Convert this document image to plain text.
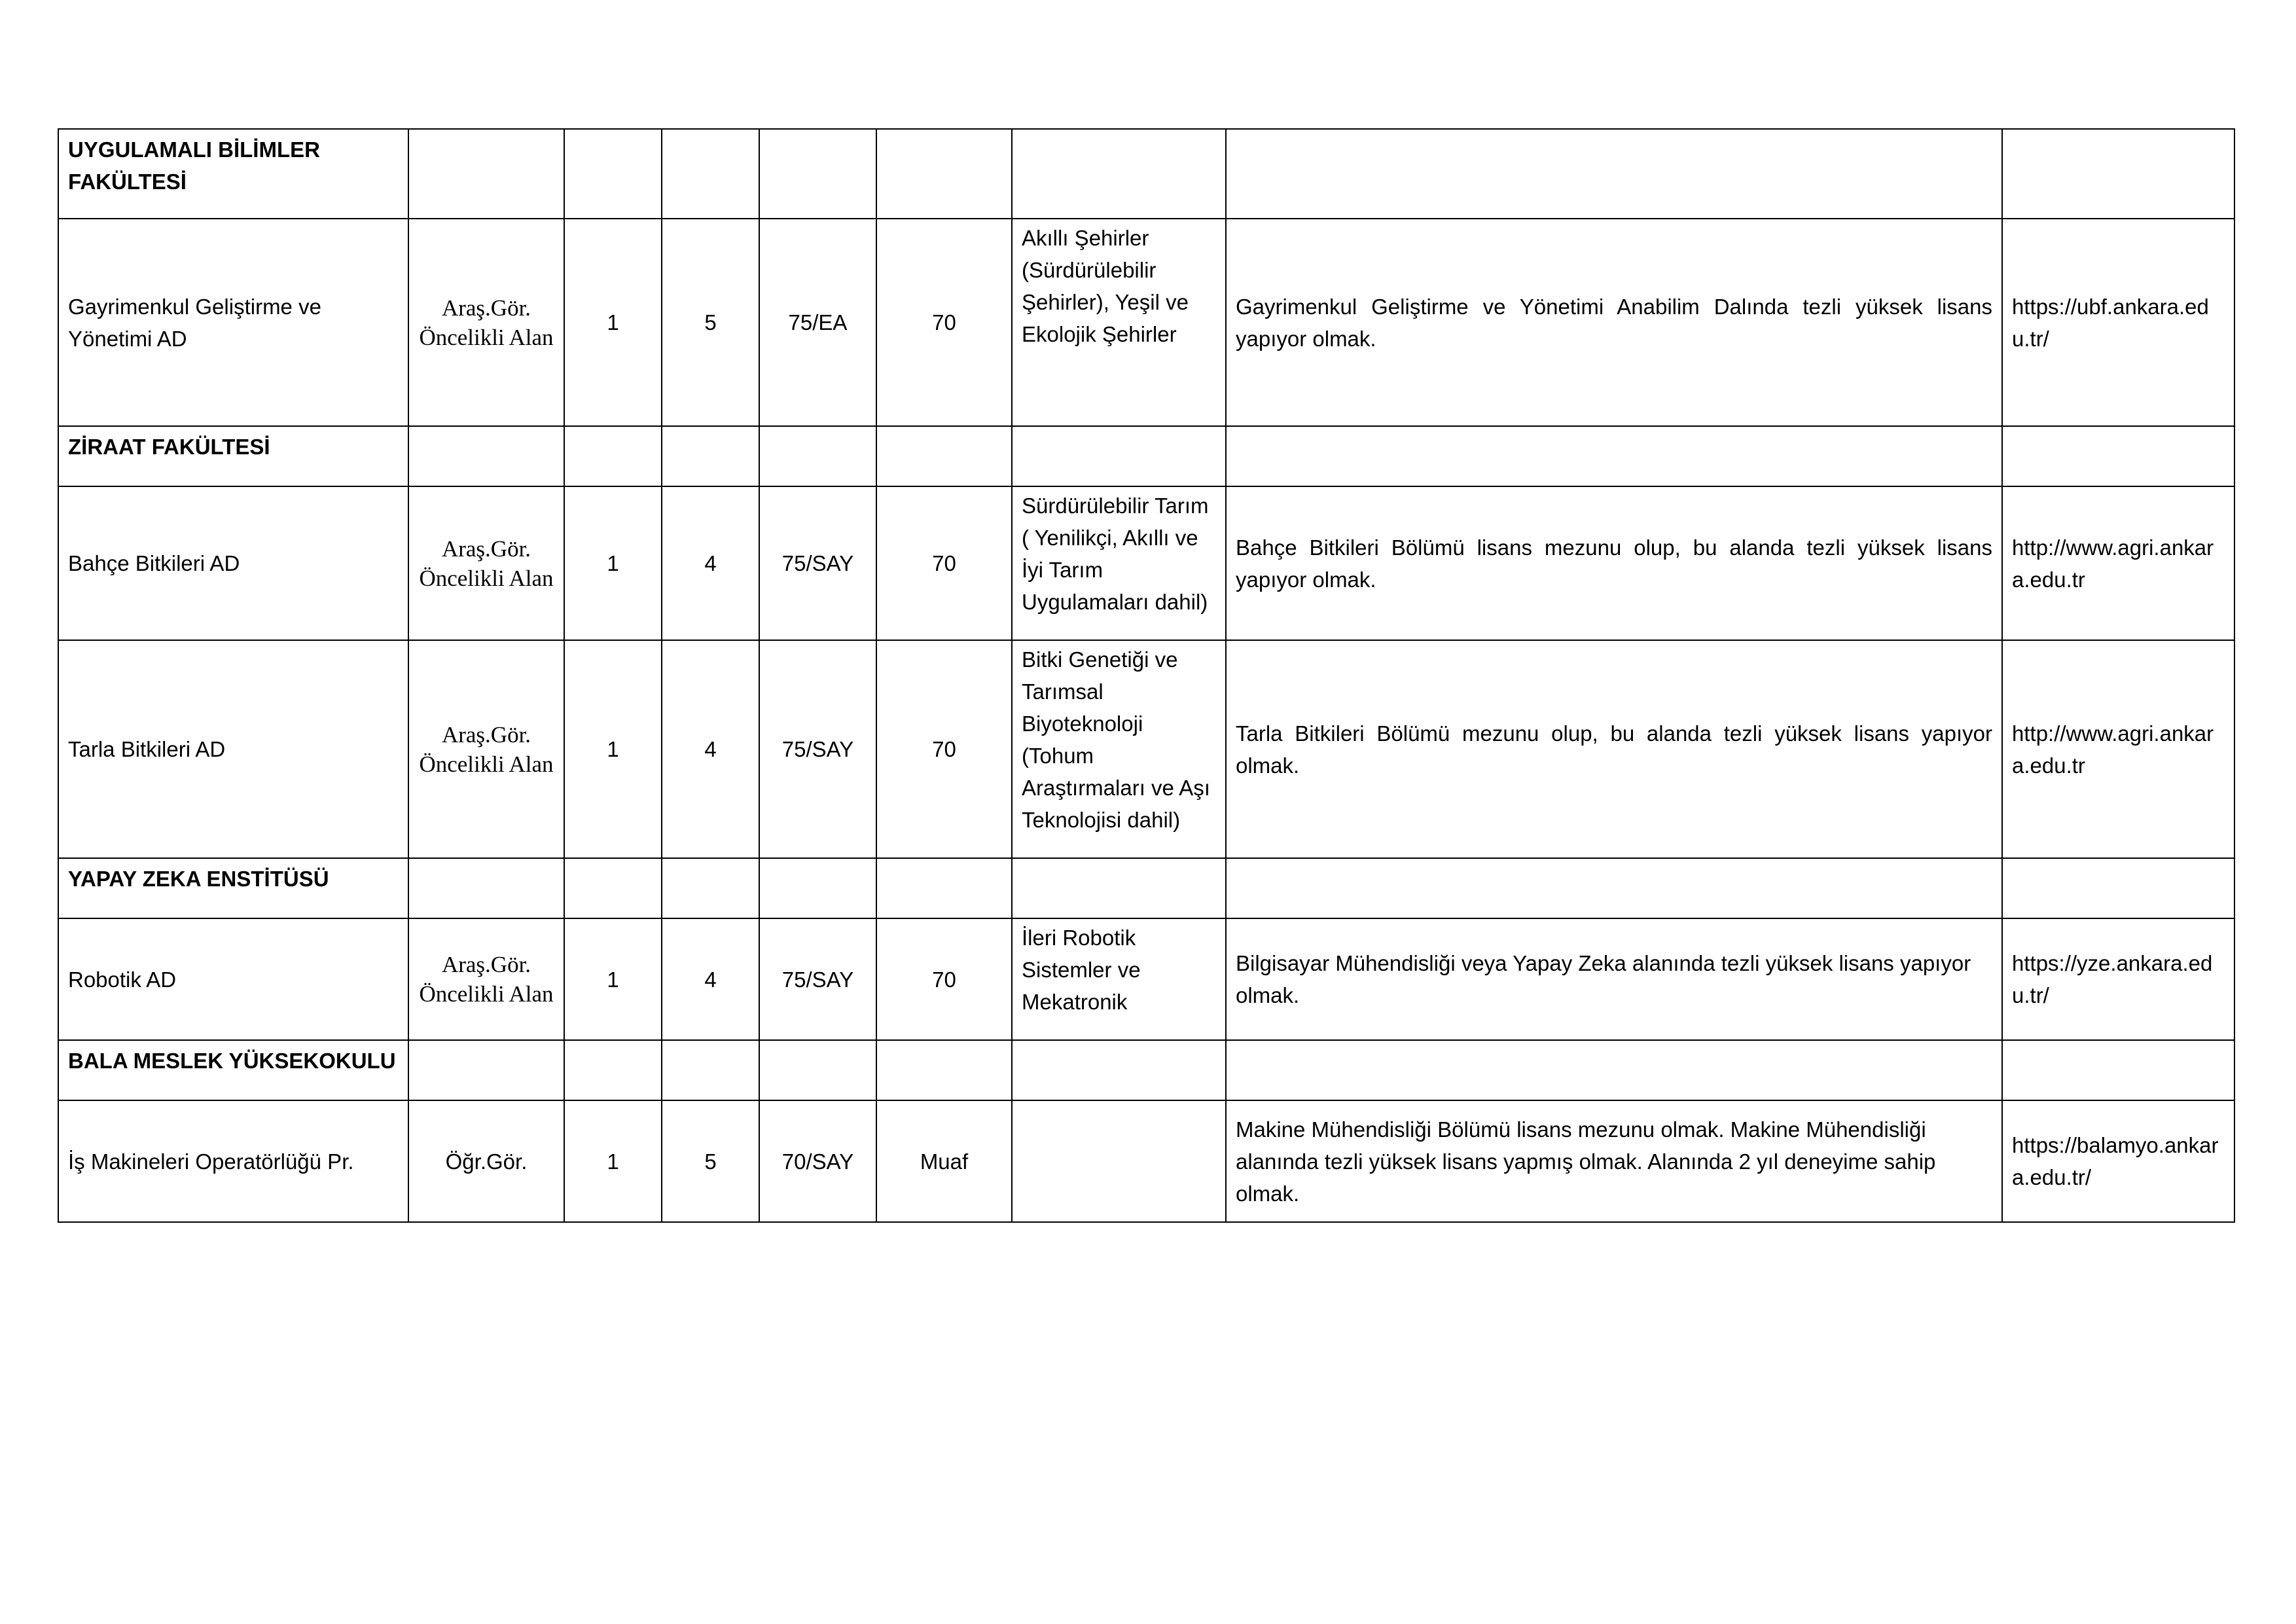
UYGULAMALI BİLİMLER FAKÜLTESİ								
Gayrimenkul Geliştirme ve Yönetimi AD	Araş.Gör. Öncelikli Alan	1	5	75/EA	70	Akıllı Şehirler (Sürdürülebilir Şehirler), Yeşil ve Ekolojik Şehirler	Gayrimenkul Geliştirme ve Yönetimi Anabilim Dalında tezli yüksek lisans yapıyor olmak.	https://ubf.ankara.edu.tr/
ZİRAAT FAKÜLTESİ								
Bahçe Bitkileri AD	Araş.Gör. Öncelikli Alan	1	4	75/SAY	70	Sürdürülebilir Tarım ( Yenilikçi, Akıllı ve İyi Tarım Uygulamaları dahil)	Bahçe Bitkileri Bölümü lisans mezunu olup, bu alanda tezli yüksek lisans yapıyor olmak.	http://www.agri.ankara.edu.tr
Tarla Bitkileri AD	Araş.Gör. Öncelikli Alan	1	4	75/SAY	70	Bitki Genetiği ve Tarımsal Biyoteknoloji (Tohum Araştırmaları ve Aşı Teknolojisi dahil)	Tarla Bitkileri Bölümü mezunu olup, bu alanda tezli yüksek lisans yapıyor olmak.	http://www.agri.ankara.edu.tr
YAPAY ZEKA ENSTİTÜSÜ								
Robotik AD	Araş.Gör. Öncelikli Alan	1	4	75/SAY	70	İleri Robotik Sistemler ve Mekatronik	Bilgisayar Mühendisliği veya Yapay Zeka alanında tezli yüksek lisans yapıyor olmak.	https://yze.ankara.edu.tr/
BALA MESLEK YÜKSEKOKULU								
İş Makineleri Operatörlüğü Pr.	Öğr.Gör.	1	5	70/SAY	Muaf		Makine Mühendisliği Bölümü lisans mezunu olmak. Makine Mühendisliği alanında tezli yüksek lisans yapmış olmak. Alanında 2 yıl deneyime sahip olmak.	https://balamyo.ankara.edu.tr/
